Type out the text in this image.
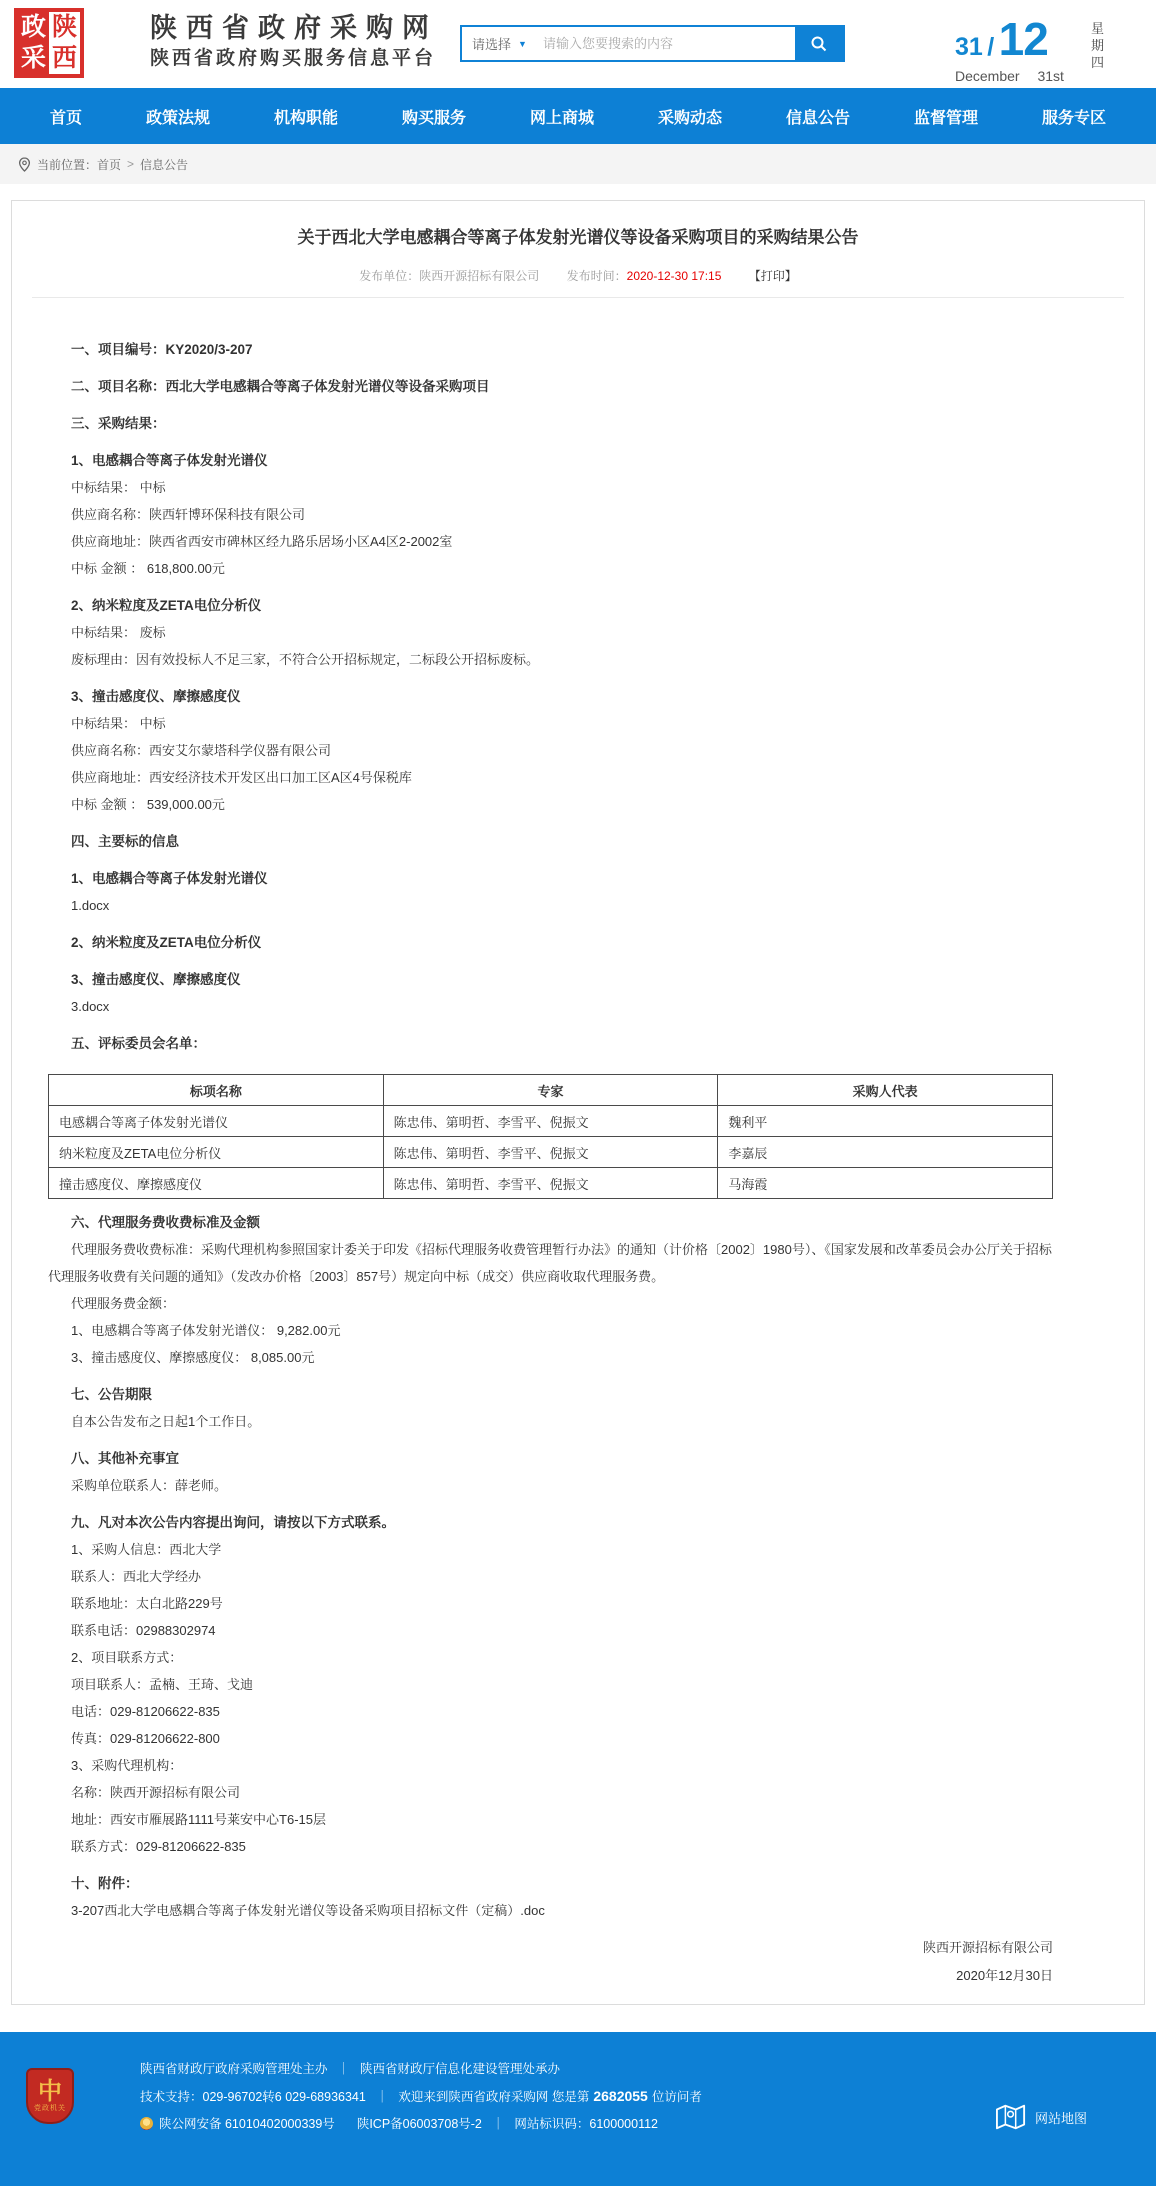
政 陕
采 西
陕西省政府采购网
陕西省政府购买服务信息平台
请选择 ▼
请输入您要搜索的内容	31 / 12
December 31st
星
期
四
首页	政策法规	机构职能	购买服务	网上商城	采购动态	信息公告	监督管理	服务专区
当前位置： 首页 > 信息公告
关于西北大学电感耦合等离子体发射光谱仪等设备采购项目的采购结果公告
发布单位：陕西开源招标有限公司 发布时间：2020-12-30 17:15 【打印】

一、项目编号：KY2020/3-207

二、项目名称：西北大学电感耦合等离子体发射光谱仪等设备采购项目

三、采购结果：

1、电感耦合等离子体发射光谱仪

中标结果： 中标

供应商名称：陕西轩博环保科技有限公司

供应商地址：陕西省西安市碑林区经九路乐居场小区A4区2-2002室

中标 金额 ： 618,800.00元

2、纳米粒度及ZETA电位分析仪

中标结果： 废标

废标理由：因有效投标人不足三家，不符合公开招标规定，二标段公开招标废标。

3、撞击感度仪、摩擦感度仪

中标结果： 中标

供应商名称：西安艾尔蒙塔科学仪器有限公司

供应商地址：西安经济技术开发区出口加工区A区4号保税库

中标 金额 ： 539,000.00元

四、主要标的信息

1、电感耦合等离子体发射光谱仪

1.docx

2、纳米粒度及ZETA电位分析仪

3、撞击感度仪、摩擦感度仪

3.docx

五、评标委员会名单：

标项名称	专家	采购人代表
电感耦合等离子体发射光谱仪	陈忠伟、第明哲、李雪平、倪振文	魏利平
纳米粒度及ZETA电位分析仪	陈忠伟、第明哲、李雪平、倪振文	李嘉辰
撞击感度仪、摩擦感度仪	陈忠伟、第明哲、李雪平、倪振文	马海霞

六、代理服务费收费标准及金额

代理服务费收费标准：采购代理机构参照国家计委关于印发《招标代理服务收费管理暂行办法》的通知（计价格〔2002〕1980号）、《国家发展和改革委员会办公厅关于招标代理服务收费有关问题的通知》（发改办价格〔2003〕857号）规定向中标（成交）供应商收取代理服务费。

代理服务费金额：

1、电感耦合等离子体发射光谱仪： 9,282.00元

3、撞击感度仪、摩擦感度仪： 8,085.00元

七、公告期限

自本公告发布之日起1个工作日。

八、其他补充事宜

采购单位联系人：薛老师。

九、凡对本次公告内容提出询问，请按以下方式联系。

1、采购人信息：西北大学

联系人：西北大学经办

联系地址：太白北路229号

联系电话：02988302974

2、项目联系方式：

项目联系人：孟楠、王琦、戈迪

电话：029-81206622-835

传真：029-81206622-800

3、采购代理机构：

名称：陕西开源招标有限公司

地址：西安市雁展路1111号莱安中心T6-15层

联系方式：029-81206622-835

十、附件：

3-207西北大学电感耦合等离子体发射光谱仪等设备采购项目招标文件（定稿）.doc

陕西开源招标有限公司
2020年12月30日
中
党政机关
陕西省财政厅政府采购管理处主办 ｜ 陕西省财政厅信息化建设管理处承办
技术支持：029-96702转6 029-68936341 ｜ 欢迎来到陕西省政府采购网 您是第 2682055 位访问者
陕公网安备 61010402000339号 陕ICP备06003708号-2 ｜ 网站标识码：6100000112	网站地图
